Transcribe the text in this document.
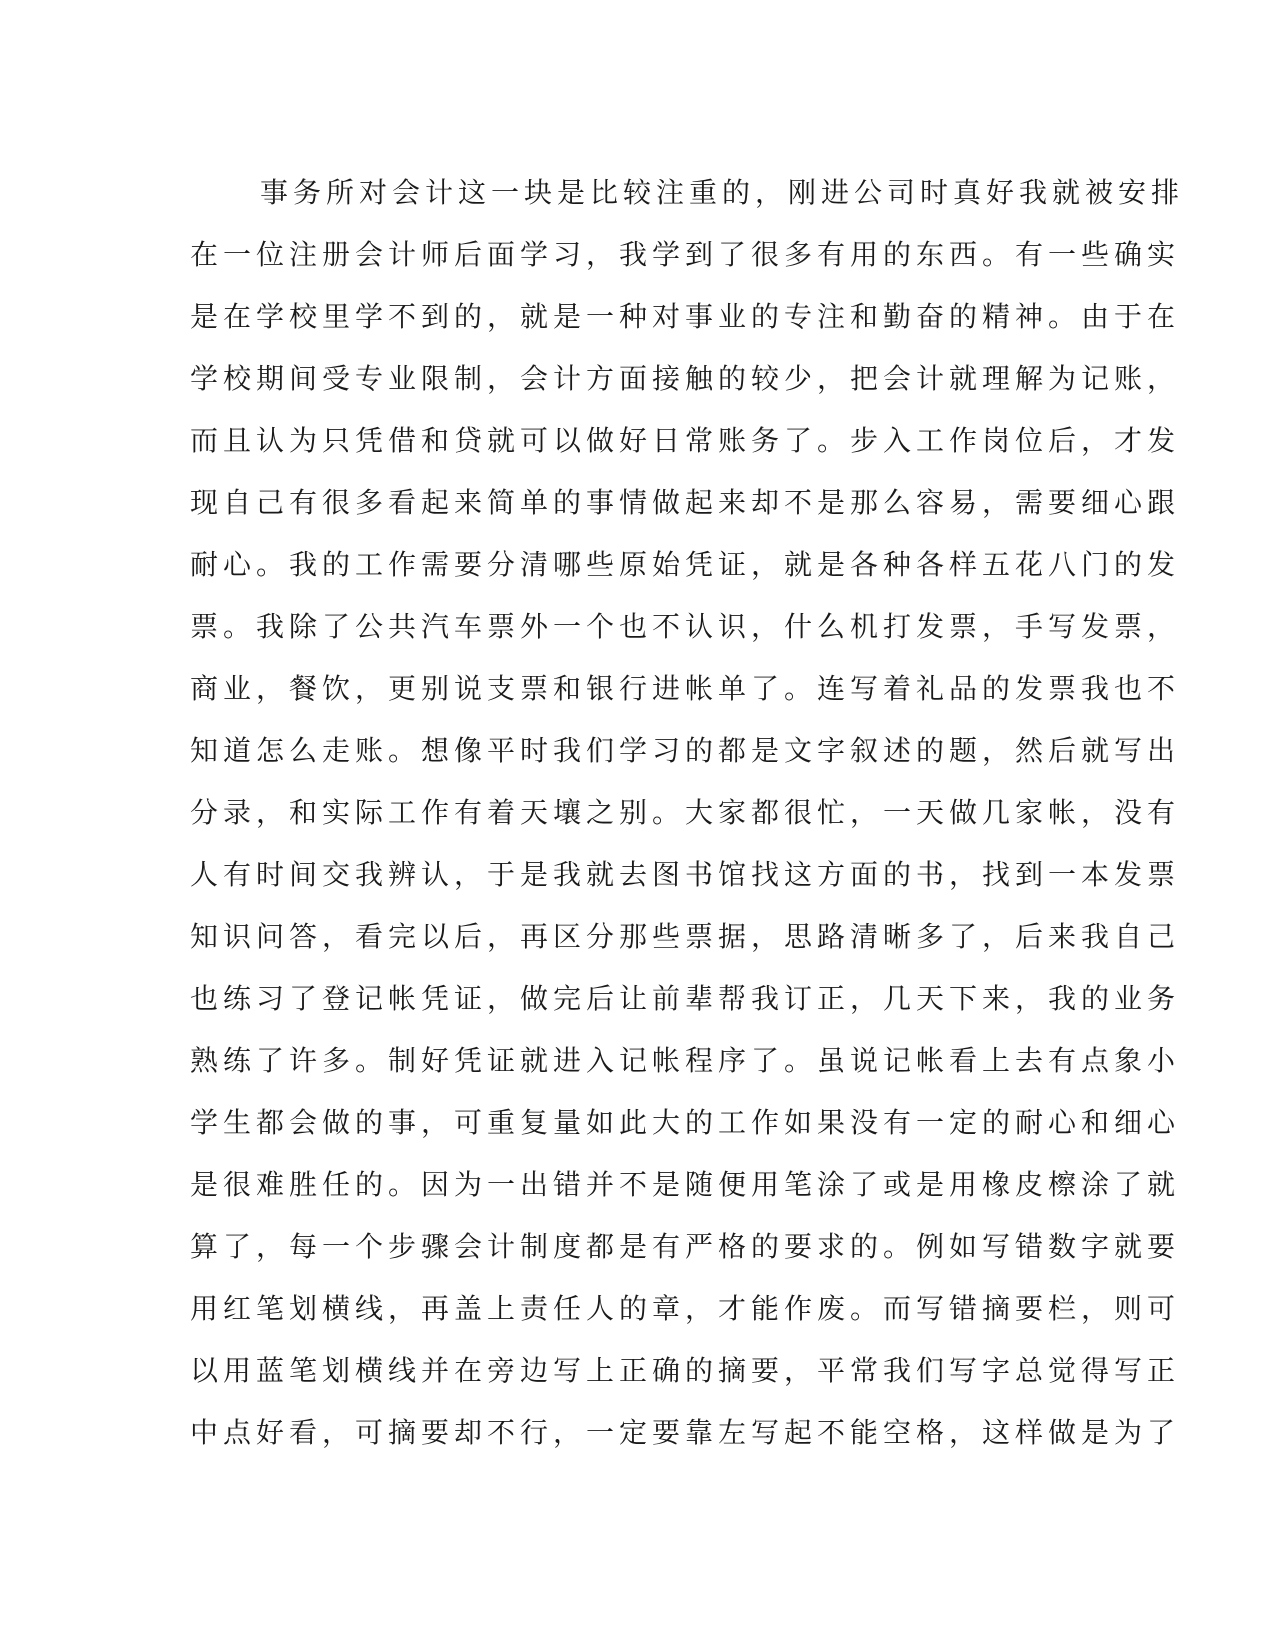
事务所对会计这一块是比较注重的，刚进公司时真好我就被安排
在一位注册会计师后面学习，我学到了很多有用的东西。有一些确实
是在学校里学不到的，就是一种对事业的专注和勤奋的精神。由于在
学校期间受专业限制，会计方面接触的较少，把会计就理解为记账，
而且认为只凭借和贷就可以做好日常账务了。步入工作岗位后，才发
现自己有很多看起来简单的事情做起来却不是那么容易，需要细心跟
耐心。我的工作需要分清哪些原始凭证，就是各种各样五花八门的发
票。我除了公共汽车票外一个也不认识，什么机打发票，手写发票，
商业，餐饮，更别说支票和银行进帐单了。连写着礼品的发票我也不
知道怎么走账。想像平时我们学习的都是文字叙述的题，然后就写出
分录，和实际工作有着天壤之别。大家都很忙，一天做几家帐，没有
人有时间交我辨认，于是我就去图书馆找这方面的书，找到一本发票
知识问答，看完以后，再区分那些票据，思路清晰多了，后来我自己
也练习了登记帐凭证，做完后让前辈帮我订正，几天下来，我的业务
熟练了许多。制好凭证就进入记帐程序了。虽说记帐看上去有点象小
学生都会做的事，可重复量如此大的工作如果没有一定的耐心和细心
是很难胜任的。因为一出错并不是随便用笔涂了或是用橡皮檫涂了就
算了，每一个步骤会计制度都是有严格的要求的。例如写错数字就要
用红笔划横线，再盖上责任人的章，才能作废。而写错摘要栏，则可
以用蓝笔划横线并在旁边写上正确的摘要，平常我们写字总觉得写正
中点好看，可摘要却不行，一定要靠左写起不能空格，这样做是为了
